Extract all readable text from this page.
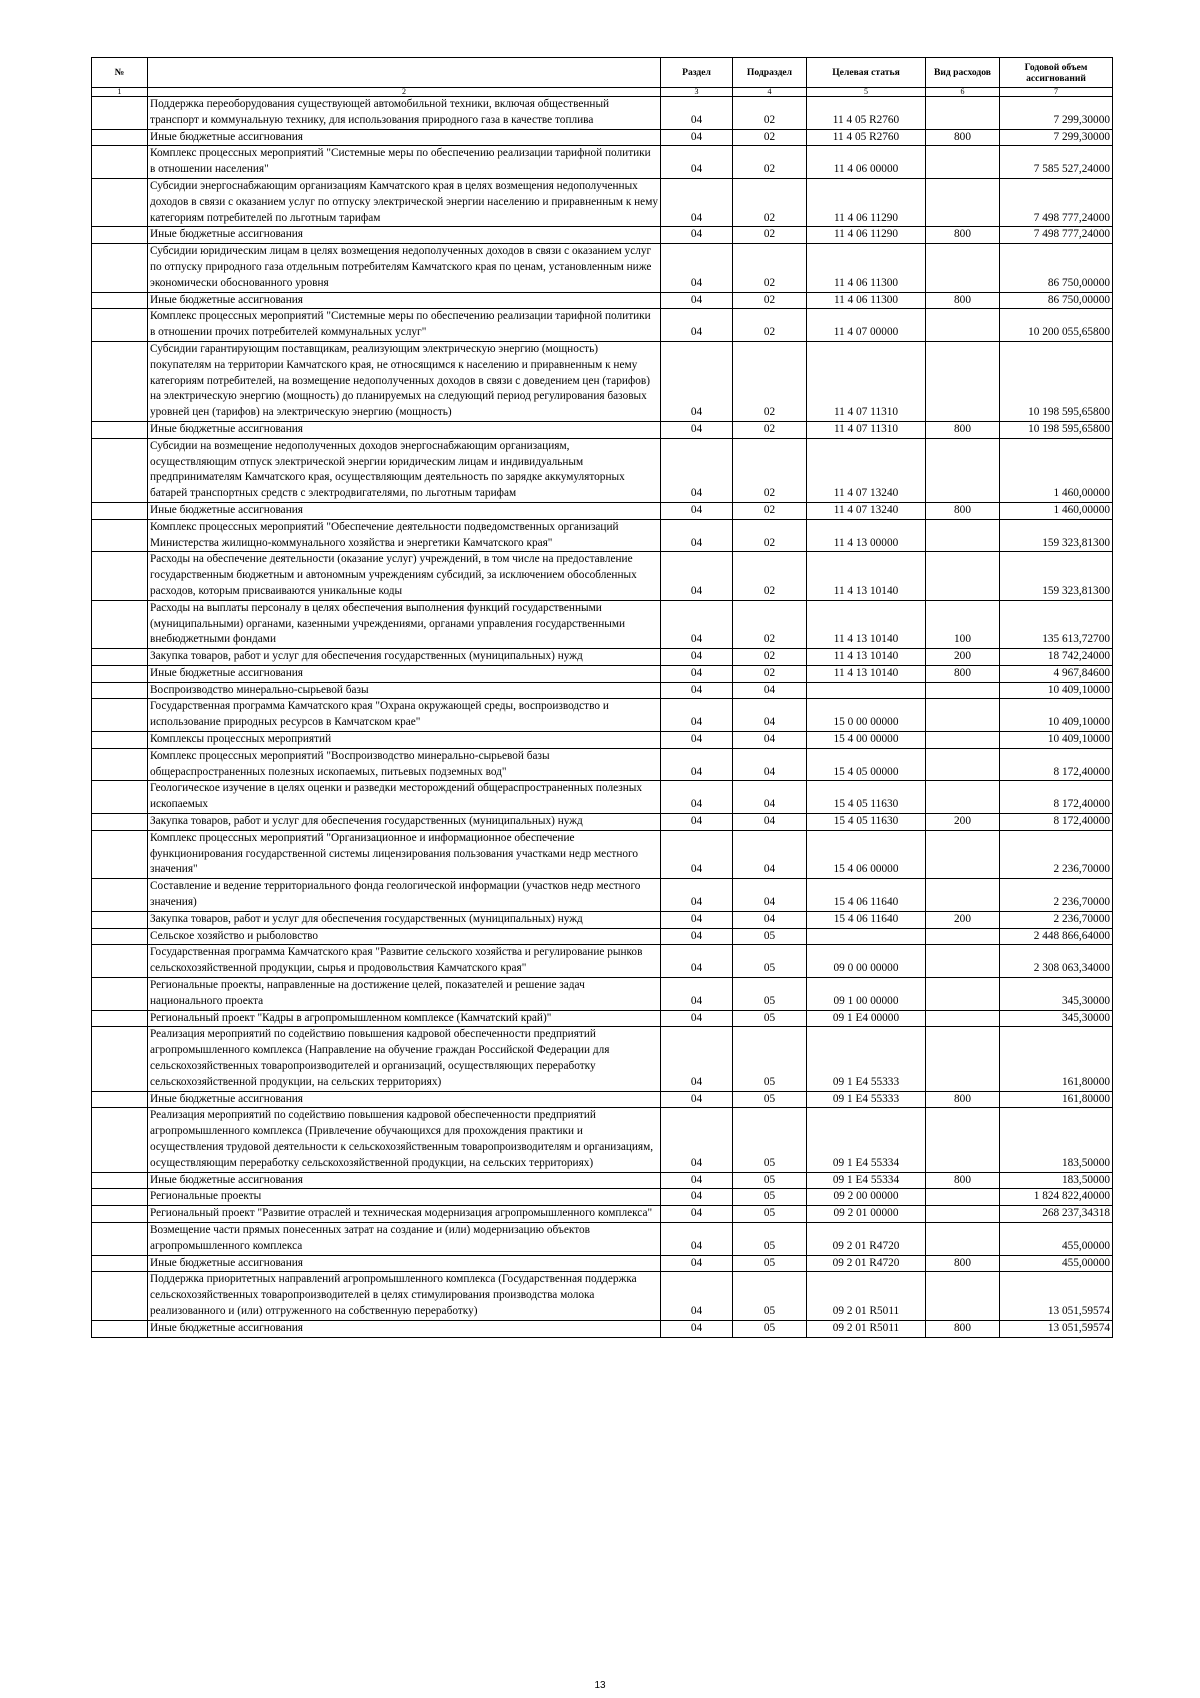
№		Раздел	Подраздел	Целевая статья	Вид расходов	Годовой объем ассигнований
1	2	3	4	5	6	7
	Поддержка переоборудования существующей автомобильной техники, включая общественный транспорт и коммунальную технику, для использования природного газа в качестве топлива	04	02	11 4 05 R2760		7 299,30000
	Иные бюджетные ассигнования	04	02	11 4 05 R2760	800	7 299,30000
	Комплекс процессных мероприятий "Системные меры по обеспечению реализации тарифной политики в отношении населения"	04	02	11 4 06 00000		7 585 527,24000
	Субсидии энергоснабжающим организациям Камчатского края в целях возмещения недополученных доходов в связи с оказанием услуг по отпуску электрической энергии населению и приравненным к нему категориям потребителей по льготным тарифам	04	02	11 4 06 11290		7 498 777,24000
	Иные бюджетные ассигнования	04	02	11 4 06 11290	800	7 498 777,24000
	Субсидии юридическим лицам в целях возмещения недополученных доходов в связи с оказанием услуг по отпуску природного газа отдельным потребителям Камчатского края по ценам, установленным ниже экономически обоснованного уровня	04	02	11 4 06 11300		86 750,00000
	Иные бюджетные ассигнования	04	02	11 4 06 11300	800	86 750,00000
	Комплекс процессных мероприятий "Системные меры по обеспечению реализации тарифной политики в отношении прочих потребителей коммунальных услуг"	04	02	11 4 07 00000		10 200 055,65800
	Субсидии гарантирующим поставщикам, реализующим электрическую энергию (мощность) покупателям на территории Камчатского края, не относящимся к населению и приравненным к нему категориям потребителей, на возмещение недополученных доходов в связи с доведением цен (тарифов) на электрическую энергию (мощность) до планируемых на следующий период регулирования базовых уровней цен (тарифов) на электрическую энергию (мощность)	04	02	11 4 07 11310		10 198 595,65800
	Иные бюджетные ассигнования	04	02	11 4 07 11310	800	10 198 595,65800
	Субсидии на возмещение недополученных доходов энергоснабжающим организациям, осуществляющим отпуск электрической энергии юридическим лицам и индивидуальным предпринимателям Камчатского края, осуществляющим деятельность по зарядке аккумуляторных батарей транспортных средств с электродвигателями, по льготным тарифам	04	02	11 4 07 13240		1 460,00000
	Иные бюджетные ассигнования	04	02	11 4 07 13240	800	1 460,00000
	Комплекс процессных мероприятий "Обеспечение деятельности подведомственных организаций Министерства жилищно-коммунального хозяйства и энергетики Камчатского края"	04	02	11 4 13 00000		159 323,81300
	Расходы на обеспечение деятельности (оказание услуг) учреждений, в том числе на предоставление государственным бюджетным и автономным учреждениям субсидий, за исключением обособленных расходов, которым присваиваются уникальные коды	04	02	11 4 13 10140		159 323,81300
	Расходы на выплаты персоналу в целях обеспечения выполнения функций государственными (муниципальными) органами, казенными учреждениями, органами управления государственными внебюджетными фондами	04	02	11 4 13 10140	100	135 613,72700
	Закупка товаров, работ и услуг для обеспечения государственных (муниципальных) нужд	04	02	11 4 13 10140	200	18 742,24000
	Иные бюджетные ассигнования	04	02	11 4 13 10140	800	4 967,84600
	Воспроизводство минерально-сырьевой базы	04	04			10 409,10000
	Государственная программа Камчатского края "Охрана окружающей среды, воспроизводство и использование природных ресурсов в Камчатском крае"	04	04	15 0 00 00000		10 409,10000
	Комплексы процессных мероприятий	04	04	15 4 00 00000		10 409,10000
	Комплекс процессных мероприятий "Воспроизводство минерально-сырьевой базы общераспространенных полезных ископаемых, питьевых подземных вод"	04	04	15 4 05 00000		8 172,40000
	Геологическое изучение в целях оценки и разведки месторождений общераспространенных полезных ископаемых	04	04	15 4 05 11630		8 172,40000
	Закупка товаров, работ и услуг для обеспечения государственных (муниципальных) нужд	04	04	15 4 05 11630	200	8 172,40000
	Комплекс процессных мероприятий "Организационное и информационное обеспечение функционирования государственной системы лицензирования пользования участками недр местного значения"	04	04	15 4 06 00000		2 236,70000
	Составление и ведение территориального фонда геологической информации (участков недр местного значения)	04	04	15 4 06 11640		2 236,70000
	Закупка товаров, работ и услуг для обеспечения государственных (муниципальных) нужд	04	04	15 4 06 11640	200	2 236,70000
	Сельское хозяйство и рыболовство	04	05			2 448 866,64000
	Государственная программа Камчатского края "Развитие сельского хозяйства и регулирование рынков сельскохозяйственной продукции, сырья и продовольствия Камчатского края"	04	05	09 0 00 00000		2 308 063,34000
	Региональные проекты, направленные на достижение целей, показателей и решение задач национального проекта	04	05	09 1 00 00000		345,30000
	Региональный проект "Кадры в агропромышленном комплексе (Камчатский край)"	04	05	09 1 E4 00000		345,30000
	Реализация мероприятий по содействию повышения кадровой обеспеченности предприятий агропромышленного комплекса (Направление на обучение граждан Российской Федерации для сельскохозяйственных товаропроизводителей и организаций, осуществляющих переработку сельскохозяйственной продукции, на сельских территориях)	04	05	09 1 E4 55333		161,80000
	Иные бюджетные ассигнования	04	05	09 1 E4 55333	800	161,80000
	Реализация мероприятий по содействию повышения кадровой обеспеченности предприятий агропромышленного комплекса (Привлечение обучающихся для прохождения практики и осуществления трудовой деятельности к сельскохозяйственным товаропроизводителям и организациям, осуществляющим переработку сельскохозяйственной продукции, на сельских территориях)	04	05	09 1 E4 55334		183,50000
	Иные бюджетные ассигнования	04	05	09 1 E4 55334	800	183,50000
	Региональные проекты	04	05	09 2 00 00000		1 824 822,40000
	Региональный проект "Развитие отраслей и техническая модернизация агропромышленного комплекса"	04	05	09 2 01 00000		268 237,34318
	Возмещение части прямых понесенных затрат на создание и (или) модернизацию объектов агропромышленного комплекса	04	05	09 2 01 R4720		455,00000
	Иные бюджетные ассигнования	04	05	09 2 01 R4720	800	455,00000
	Поддержка приоритетных направлений агропромышленного комплекса (Государственная поддержка сельскохозяйственных товаропроизводителей в целях стимулирования производства молока реализованного и (или) отгруженного на собственную переработку)	04	05	09 2 01 R5011		13 051,59574
	Иные бюджетные ассигнования	04	05	09 2 01 R5011	800	13 051,59574
13
